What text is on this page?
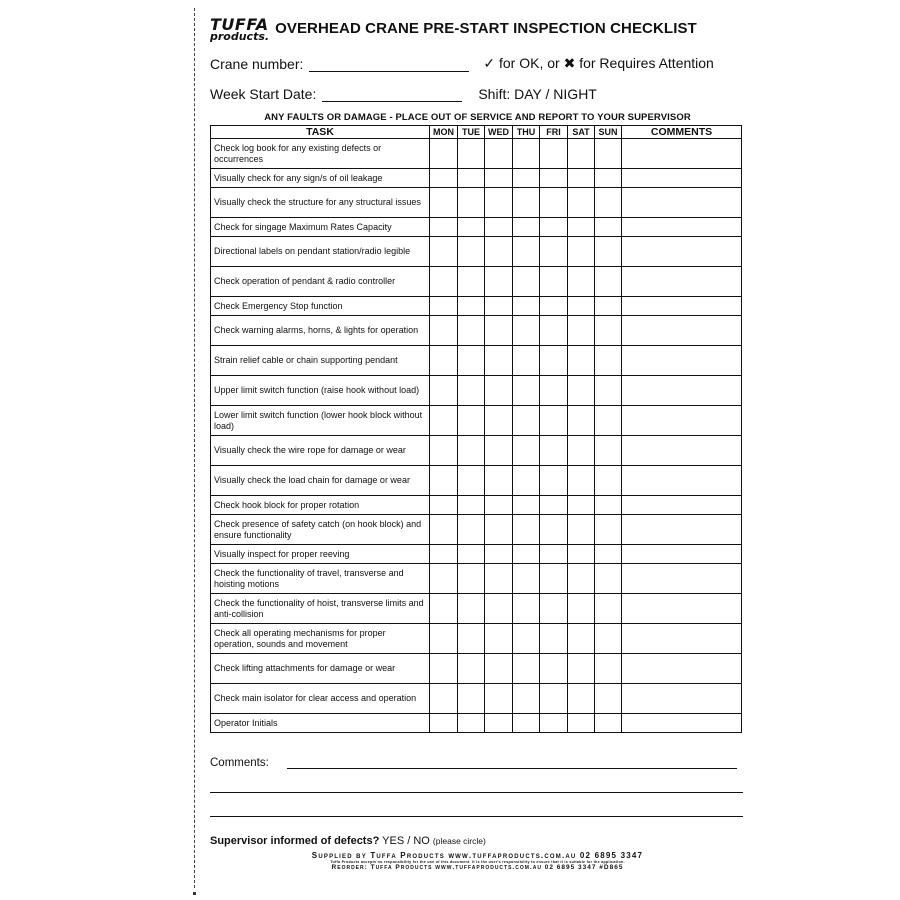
TUFFA
products. OVERHEAD CRANE PRE-START INSPECTION CHECKLIST
Crane number:	✓ for OK, or ✖ for Requires Attention
Week Start Date:	Shift: DAY / NIGHT
ANY FAULTS OR DAMAGE - PLACE OUT OF SERVICE AND REPORT TO YOUR SUPERVISOR
TASK	MON	TUE	WED	THU	FRI	SAT	SUN	COMMENTS
Check log book for any existing defects or occurrences								
Visually check for any sign/s of oil leakage								
Visually check the structure for any structural issues								
Check for singage Maximum Rates Capacity								
Directional labels on pendant station/radio legible								
Check operation of pendant & radio controller								
Check Emergency Stop function								
Check warning alarms, horns, & lights for operation								
Strain relief cable or chain supporting pendant								
Upper limit switch function (raise hook without load)								
Lower limit switch function (lower hook block without load)								
Visually check the wire rope for damage or wear								
Visually check the load chain for damage or wear								
Check hook block for proper rotation								
Check presence of safety catch (on hook block) and ensure functionality								
Visually inspect for proper reeving								
Check the functionality of travel, transverse and hoisting motions								
Check the functionality of hoist, transverse limits and anti-collision								
Check all operating mechanisms for proper operation, sounds and movement								
Check lifting attachments for damage or wear								
Check main isolator for clear access and operation								
Operator Initials								
Comments:
Supervisor informed of defects? YES / NO (please circle)
Supplied by Tuffa Products www.tuffaproducts.com.au 02 6895 3347
Tuffa Products accepts no responsibility for the use of this document. It is the user's responsibility to ensure that it is suitable for the application.
Reorder: Tuffa Products www.tuffaproducts.com.au 02 6895 3347 #D865
